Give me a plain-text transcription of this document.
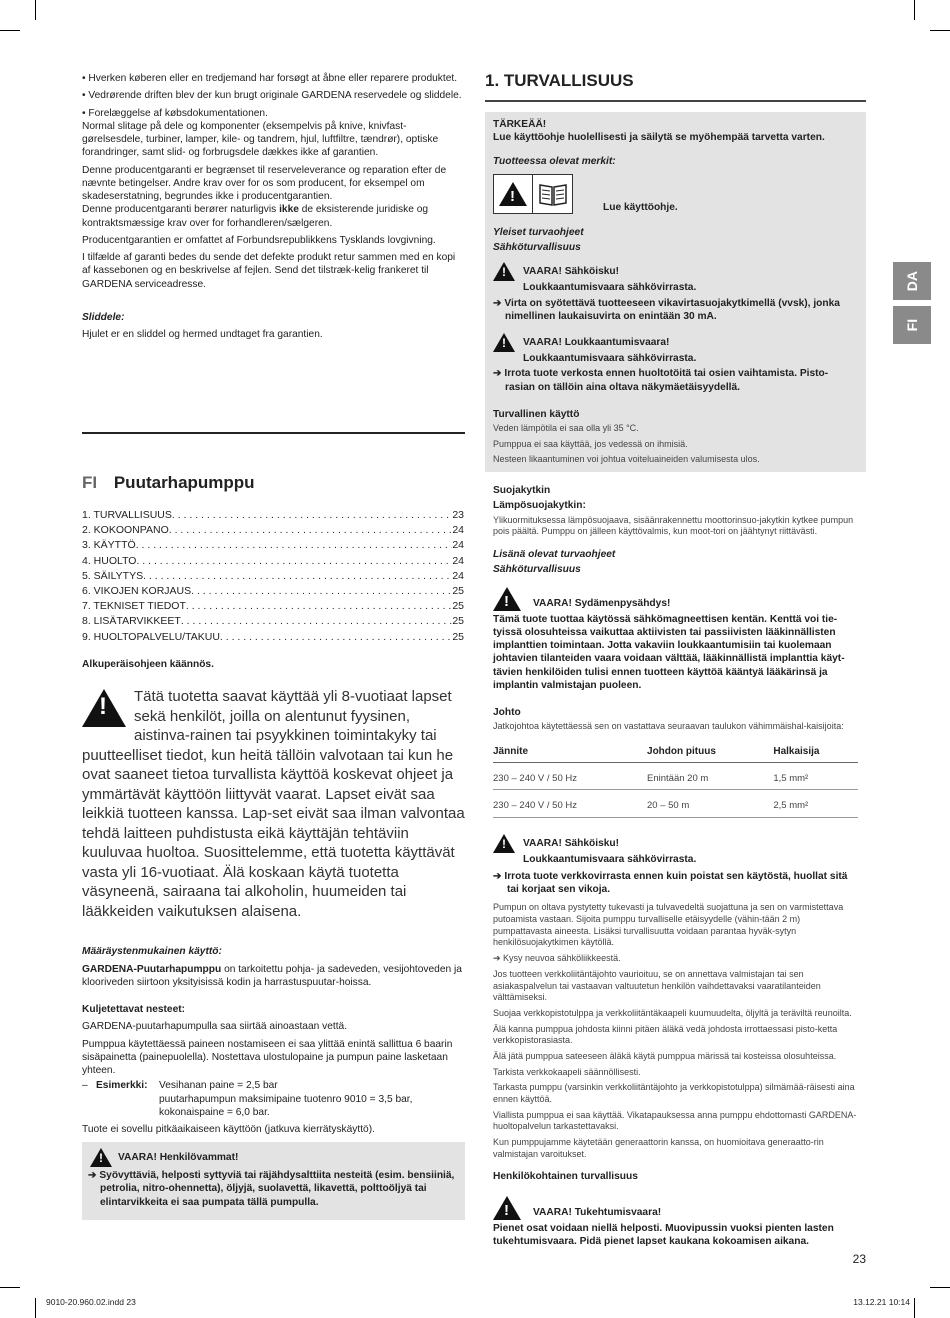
• Hverken køberen eller en tredjemand har forsøgt at åbne eller reparere produktet.

• Vedrørende driften blev der kun brugt originale GARDENA reservedele og sliddele.

• Forelæggelse af købsdokumentationen.

Normal slitage på dele og komponenter (eksempelvis på knive, knivfast-gørelsesdele, turbiner, lamper, kile- og tandrem, hjul, luftfiltre, tændrør), optiske forandringer, samt slid- og forbrugsdele dækkes ikke af garantien.

Denne producentgaranti er begrænset til reserveleverance og reparation efter de nævnte betingelser. Andre krav over for os som producent, for eksempel om skadeserstatning, begrundes ikke i producentgarantien.

Denne producentgaranti berører naturligvis ikke de eksisterende juridiske og kontraktsmæssige krav over for forhandleren/sælgeren.

Producentgarantien er omfattet af Forbundsrepublikkens Tysklands lovgivning.

I tilfælde af garanti bedes du sende det defekte produkt retur sammen med en kopi af kassebonen og en beskrivelse af fejlen. Send det tilstræk-kelig frankeret til GARDENA serviceadresse.

Sliddele:

Hjulet er en sliddel og hermed undtaget fra garantien.

FI Puutarhapumppu
1. TURVALLISUUS . . .	23
2. KOKOONPANO . . .	24
3. KÄYTTÖ . . .	24
4. HUOLTO . . .	24
5. SÄILYTYS . . .	24
6. VIKOJEN KORJAUS . . .	25
7. TEKNISET TIEDOT . . .	25
8. LISÄTARVIKKEET . . .	25
9. HUOLTOPALVELU/TAKUU . . .	25

Alkuperäisohjeen käännös.

!
Tätä tuotetta saavat käyttää yli 8-vuotiaat lapset sekä henkilöt, joilla on alentunut fyysinen, aistinva-rainen tai psyykkinen toimintakyky tai puutteelliset tiedot, kun heitä tällöin valvotaan tai kun he ovat saaneet tietoa turvallista käyttöä koskevat ohjeet ja ymmärtävät käyttöön liittyvät vaarat. Lapset eivät saa leikkiä tuotteen kanssa. Lap-set eivät saa ilman valvontaa tehdä laitteen puhdistusta eikä käyttäjän tehtäviin kuuluvaa huoltoa. Suosittelemme, että tuotetta käyttävät vasta yli 16-vuotiaat. Älä koskaan käytä tuotetta väsyneenä, sairaana tai alkoholin, huumeiden tai lääkkeiden vaikutuksen alaisena.

Määräystenmukainen käyttö:

GARDENA-Puutarhapumppu on tarkoitettu pohja- ja sadeveden, vesijohtoveden ja klooriveden siirtoon yksityisissä kodin ja harrastuspuutar-hoissa.

Kuljetettavat nesteet:

GARDENA-puutarhapumpulla saa siirtää ainoastaan vettä.

Pumppua käytettäessä paineen nostamiseen ei saa ylittää enintä sallittua 6 baarin sisäpainetta (painepuolella). Nostettava ulostulopaine ja pumpun paine lasketaan yhteen.

– Esimerkki:	Vesihanan paine = 2,5 bar

puutarhapumpun maksimipaine tuotenro 9010 = 3,5 bar,

kokonaispaine = 6,0 bar.

Tuote ei sovellu pitkäaikaiseen käyttöön (jatkuva kierrätyskäyttö).

!VAARA! Henkilövammat!

➔ Syövyttäviä, helposti syttyviä tai räjähdysalttiita nesteitä (esim. bensiiniä, petrolia, nitro-ohennetta), öljyjä, suolavettä, likavettä, polttoöljyä tai elintarvikkeita ei saa pumpata tällä pumpulla.

1. TURVALLISUUS

TÄRKEÄÄ!

Lue käyttöohje huolellisesti ja säilytä se myöhempää tarvetta varten.

Tuotteessa olevat merkit:

!

Lue käyttöohje.

Yleiset turvaohjeet

Sähköturvallisuus

!
VAARA! Sähköisku!

Loukkaantumisvaara sähkövirrasta.

➔ Virta on syötettävä tuotteeseen vikavirtasuojakytkimellä (vvsk), jonka nimellinen laukaisuvirta on enintään 30 mA.

!
VAARA! Loukkaantumisvaara!

Loukkaantumisvaara sähkövirrasta.

➔ Irrota tuote verkosta ennen huoltotöitä tai osien vaihtamista. Pisto-rasian on tällöin aina oltava näkymäetäisyydellä.

Turvallinen käyttö

Veden lämpötila ei saa olla yli 35 °C.

Pumppua ei saa käyttää, jos vedessä on ihmisiä.

Nesteen likaantuminen voi johtua voiteluaineiden valumisesta ulos.

Suojakytkin

Lämpösuojakytkin:

Ylikuormituksessa lämpösuojaava, sisäänrakennettu moottorinsuo-jakytkin kytkee pumpun pois päältä. Pumppu on jälleen käyttövalmis, kun moot-tori on jäähtynyt riittävästi.

Lisänä olevat turvaohjeet

Sähköturvallisuus

!
VAARA! Sydämenpysähdys!

Tämä tuote tuottaa käytössä sähkömagneettisen kentän. Kenttä voi tie-tyissä olosuhteissa vaikuttaa aktiivisten tai passiivisten lääkinnällisten implanttien toimintaan. Jotta vakaviin loukkaantumisiin tai kuolemaan johtavien tilanteiden vaara voidaan välttää, lääkinnällistä implanttia käyt-tävien henkilöiden tulisi ennen tuotteen käyttöä kääntyä lääkärinsä ja implantin valmistajan puoleen.

Johto

Jatkojohtoa käytettäessä sen on vastattava seuraavan taulukon vähimmäishal-kaisijoita:

Jännite	Johdon pituus	Halkaisija
230 – 240 V / 50 Hz	Enintään 20 m	1,5 mm²
230 – 240 V / 50 Hz	20 – 50 m	2,5 mm²
!
VAARA! Sähköisku!

Loukkaantumisvaara sähkövirrasta.

➔ Irrota tuote verkkovirrasta ennen kuin poistat sen käytöstä, huollat sitä tai korjaat sen vikoja.

Pumpun on oltava pystytetty tukevasti ja tulvavedeltä suojattuna ja sen on varmistettava putoamista vastaan. Sijoita pumppu turvalliselle etäisyydelle (vähin-tään 2 m) pumpattavasta aineesta. Lisäksi turvallisuutta voidaan parantaa hyväk-sytyn henkilösuojakytkimen käytöllä.

➔ Kysy neuvoa sähköliikkeestä.

Jos tuotteen verkkoliitäntäjohto vaurioituu, se on annettava valmistajan tai sen asiakaspalvelun tai vastaavan valtuutetun henkilön vaihdettavaksi vaaratilanteiden välttämiseksi.

Suojaa verkkopistotulppa ja verkkoliitäntäkaapeli kuumuudelta, öljyltä ja teräviltä reunoilta.

Älä kanna pumppua johdosta kiinni pitäen äläkä vedä johdosta irrottaessasi pisto-ketta verkkopistorasiasta.

Älä jätä pumppua sateeseen äläkä käytä pumppua märissä tai kosteissa olosuhteissa.

Tarkista verkkokaapeli säännöllisesti.

Tarkasta pumppu (varsinkin verkkoliitäntäjohto ja verkkopistotulppa) silmämää-räisesti aina ennen käyttöä.

Viallista pumppua ei saa käyttää. Vikatapauksessa anna pumppu ehdottomasti GARDENA-huoltopalvelun tarkastettavaksi.

Kun pumppujamme käytetään generaattorin kanssa, on huomioitava generaatto-rin valmistajan varoitukset.

Henkilökohtainen turvallisuus

!
VAARA! Tukehtumisvaara!

Pienet osat voidaan niellä helposti. Muovipussin vuoksi pienten lasten tukehtumisvaara. Pidä pienet lapset kaukana kokoamisen aikana.

DA
FI
23
9010-20.960.02.indd 23	13.12.21 10:14
